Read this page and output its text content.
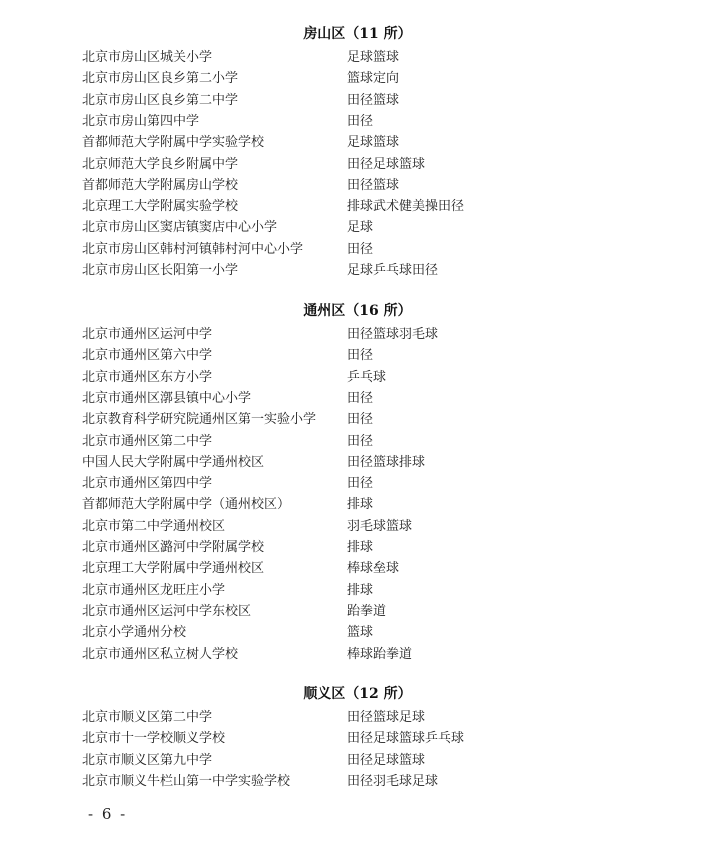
房山区（11 所）
北京市房山区城关小学	足球篮球
北京市房山区良乡第二小学	篮球定向
北京市房山区良乡第二中学	田径篮球
北京市房山第四中学	田径
首都师范大学附属中学实验学校	足球篮球
北京师范大学良乡附属中学	田径足球篮球
首都师范大学附属房山学校	田径篮球
北京理工大学附属实验学校	排球武术健美操田径
北京市房山区窦店镇窦店中心小学	足球
北京市房山区韩村河镇韩村河中心小学	田径
北京市房山区长阳第一小学	足球乒乓球田径
通州区（16 所）
北京市通州区运河中学	田径篮球羽毛球
北京市通州区第六中学	田径
北京市通州区东方小学	乒乓球
北京市通州区漷县镇中心小学	田径
北京教育科学研究院通州区第一实验小学 田径
北京市通州区第二中学	田径
中国人民大学附属中学通州校区	田径篮球排球
北京市通州区第四中学	田径
首都师范大学附属中学（通州校区）	排球
北京市第二中学通州校区	羽毛球篮球
北京市通州区潞河中学附属学校	排球
北京理工大学附属中学通州校区	棒球垒球
北京市通州区龙旺庄小学	排球
北京市通州区运河中学东校区	跆拳道
北京小学通州分校	篮球
北京市通州区私立树人学校	棒球跆拳道
顺义区（12 所）
北京市顺义区第二中学	田径篮球足球
北京市十一学校顺义学校	田径足球篮球乒乓球
北京市顺义区第九中学	田径足球篮球
北京市顺义牛栏山第一中学实验学校	田径羽毛球足球
- 6 -
